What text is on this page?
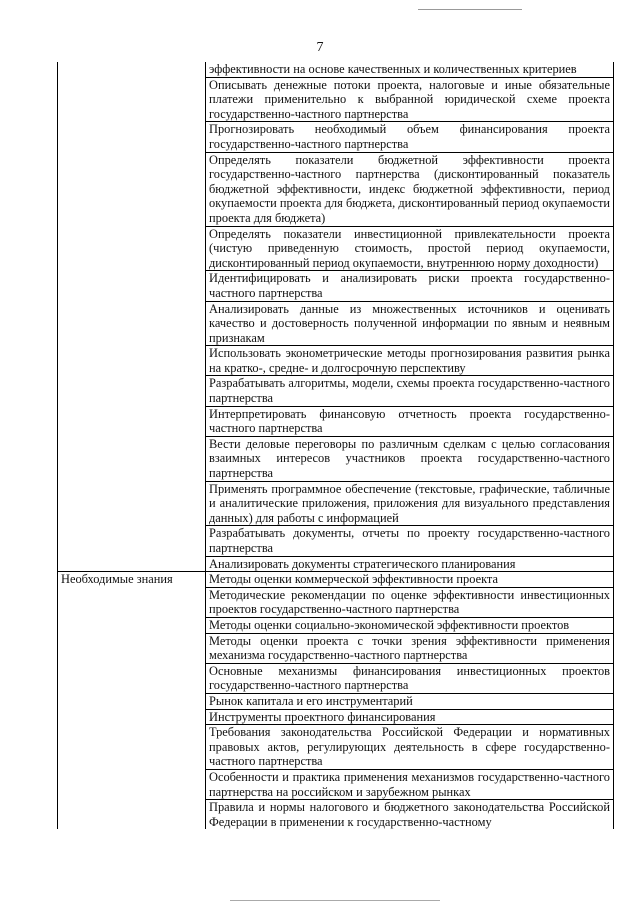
7
	эффективности на основе качественных и количественных критериев
	Описывать денежные потоки проекта, налоговые и иные обязательные платежи применительно к выбранной юридической схеме проекта государственно-частного партнерства
	Прогнозировать необходимый объем финансирования проекта государственно-частного партнерства
	Определять показатели бюджетной эффективности проекта государственно-частного партнерства (дисконтированный показатель бюджетной эффективности, индекс бюджетной эффективности, период окупаемости проекта для бюджета, дисконтированный период окупаемости проекта для бюджета)
	Определять показатели инвестиционной привлекательности проекта (чистую приведенную стоимость, простой период окупаемости, дисконтированный период окупаемости, внутреннюю норму доходности)
	Идентифицировать и анализировать риски проекта государственно-частного партнерства
	Анализировать данные из множественных источников и оценивать качество и достоверность полученной информации по явным и неявным признакам
	Использовать эконометрические методы прогнозирования развития рынка на кратко-, средне- и долгосрочную перспективу
	Разрабатывать алгоритмы, модели, схемы проекта государственно-частного партнерства
	Интерпретировать финансовую отчетность проекта государственно-частного партнерства
	Вести деловые переговоры по различным сделкам с целью согласования взаимных интересов участников проекта государственно-частного партнерства
	Применять программное обеспечение (текстовые, графические, табличные и аналитические приложения, приложения для визуального представления данных) для работы с информацией
	Разрабатывать документы, отчеты по проекту государственно-частного партнерства
	Анализировать документы стратегического планирования
Необходимые знания	Методы оценки коммерческой эффективности проекта
	Методические рекомендации по оценке эффективности инвестиционных проектов государственно-частного партнерства
	Методы оценки социально-экономической эффективности проектов
	Методы оценки проекта с точки зрения эффективности применения механизма государственно-частного партнерства
	Основные механизмы финансирования инвестиционных проектов государственно-частного партнерства
	Рынок капитала и его инструментарий
	Инструменты проектного финансирования
	Требования законодательства Российской Федерации и нормативных правовых актов, регулирующих деятельность в сфере государственно-частного партнерства
	Особенности и практика применения механизмов государственно-частного партнерства на российском и зарубежном рынках
	Правила и нормы налогового и бюджетного законодательства Российской Федерации в применении к государственно-частному
